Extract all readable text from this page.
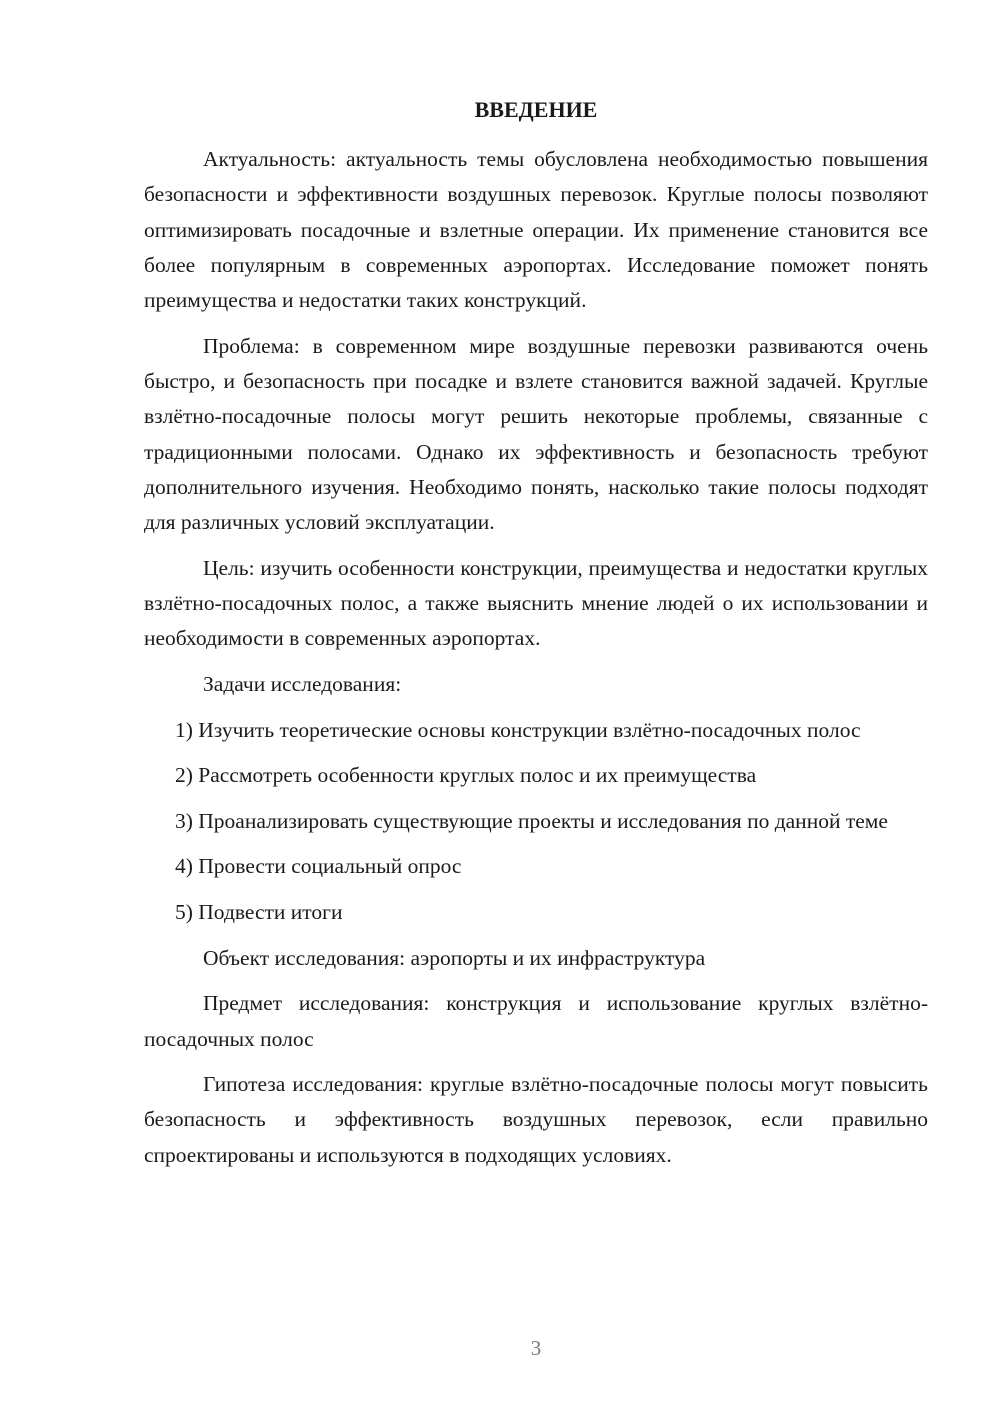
ВВЕДЕНИЕ

Актуальность: актуальность темы обусловлена необходимостью повышения безопасности и эффективности воздушных перевозок. Круглые полосы позволяют оптимизировать посадочные и взлетные операции. Их применение становится все более популярным в современных аэропортах. Исследование поможет понять преимущества и недостатки таких конструкций.

Проблема: в современном мире воздушные перевозки развиваются очень быстро, и безопасность при посадке и взлете становится важной задачей. Круглые взлётно-посадочные полосы могут решить некоторые проблемы, связанные с традиционными полосами. Однако их эффективность и безопасность требуют дополнительного изучения. Необходимо понять, насколько такие полосы подходят для различных условий эксплуатации.

Цель: изучить особенности конструкции, преимущества и недостатки круглых взлётно-посадочных полос, а также выяснить мнение людей о их использовании и необходимости в современных аэропортах.

Задачи исследования:

1) Изучить теоретические основы конструкции взлётно-посадочных полос

2) Рассмотреть особенности круглых полос и их преимущества

3) Проанализировать существующие проекты и исследования по данной теме

4) Провести социальный опрос

5) Подвести итоги

Объект исследования: аэропорты и их инфраструктура

Предмет исследования: конструкция и использование круглых взлётно-посадочных полос

Гипотеза исследования: круглые взлётно-посадочные полосы могут повысить безопасность и эффективность воздушных перевозок, если правильно спроектированы и используются в подходящих условиях.

3
